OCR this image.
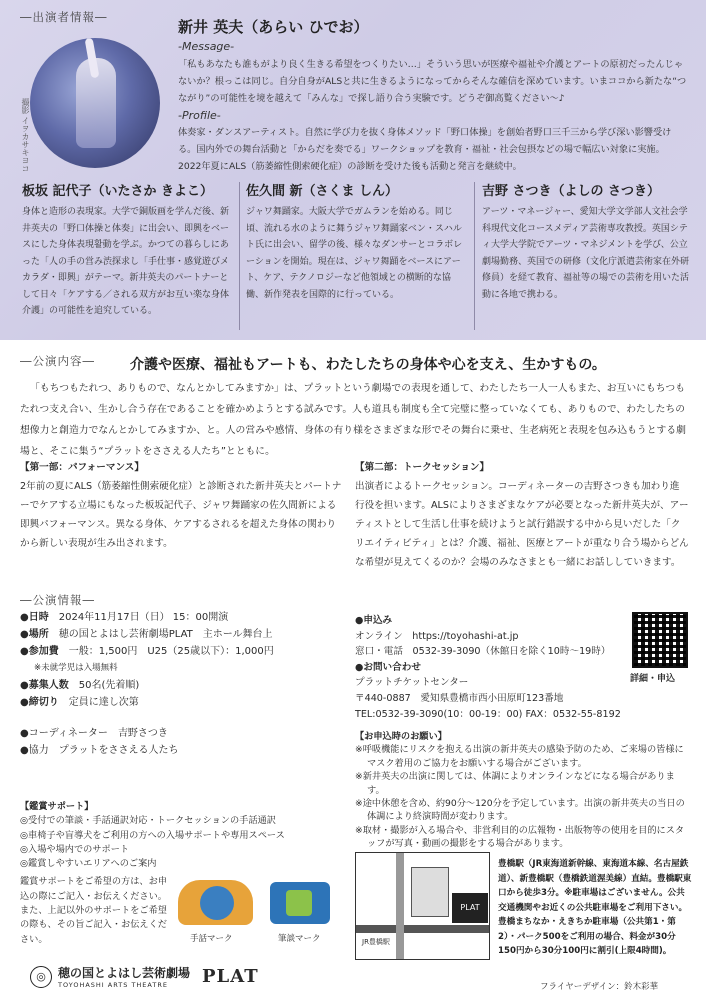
―出演者情報―
撮影 イヲカサキヨコ
新井 英夫（あらい ひでお）
-Message-
「私もあなたも誰もがより良く生きる希望をつくりたい…」そういう思いが医療や福祉や介護とアートの原初だったんじゃないか？根っこは同じ。自分自身がALSと共に生きるようになってからそんな確信を深めています。いまココから新たな“つながり”の可能性を境を越えて「みんな」で探し語り合う実験です。どうぞ御高覧ください～♪
-Profile-
体奏家・ダンスアーティスト。自然に学び力を抜く身体メソッド「野口体操」を創始者野口三千三から学び深い影響受ける。国内外での舞台活動と「からだを奏でる」ワークショップを教育・福祉・社会包摂などの場で幅広い対象に実施。2022年夏にALS（筋萎縮性側索硬化症）の診断を受けた後も活動と発言を継続中。
板坂 記代子（いたさか きよこ）
身体と造形の表現家。大学で銅版画を学んだ後、新井英夫の「野口体操と体奏」に出会い、即興をベースにした身体表現활動を学ぶ。かつての暮らしにあった「人の手の営み渋探求し「手仕事・感覚遊びメカラダ・即興」がテーマ。新井英夫のパートナーとして日々「ケアする／される双方がお互い楽な身体介護」の可能性を追究している。
佐久間 新（さくま しん）
ジャワ舞踊家。大阪大学でガムランを始める。同じ頃、流れる水のように舞うジャワ舞踊家ベン・スハルト氏に出会い、留学の後、様々なダンサーとコラボレーションを開始。現在は、ジャワ舞踊をベースにアート、ケア、テクノロジーなど他領域との横断的な協働、新作発表を国際的に行っている。
吉野 さつき（よしの さつき）
アーツ・マネージャー、愛知大学文学部人文社会学科現代文化コースメディア芸術専攻教授。英国シティ大学大学院でアーツ・マネジメントを学び、公立劇場勤務、英国での研修（文化庁派遣芸術家在外研修員）を経て教育、福祉等の場での芸術を用いた活動に各地で携わる。
―公演内容―	介護や医療、福祉もアートも、わたしたちの身体や心を支え、生かすもの。
「もちつもたれつ、ありもので、なんとかしてみますか」は、プラットという劇場での表現を通して、わたしたち一人一人もまた、お互いにもちつもたれつ支え合い、生かし合う存在であることを確かめようとする試みです。人も道具も制度も全て完璧に整っていなくても、ありもので、わたしたちの想像力と創造力でなんとかしてみますか、と。人の営みや感情、身体の有り様をさまざまな形でその舞台に乗せ、生老病死と表現を包み込もうとする劇場と、そこに集う“プラットをささえる人たち”とともに。
【第一部：パフォーマンス】
2年前の夏にALS（筋萎縮性側索硬化症）と診断された新井英夫とパートナーでケアする立場にもなった板坂記代子、ジャワ舞踊家の佐久間新による即興パフォーマンス。異なる身体、ケアするされるを超えた身体の関わりから新しい表現が生み出されます。
【第二部：トークセッション】
出演者によるトークセッション。コーディネーターの吉野さつきも加わり進行役を担います。ALSによりさまざまなケアが必要となった新井英夫が、アーティストとして生活し仕事を続けようと試行錯誤する中から見いだした「クリエイティビティ」とは？介護、福祉、医療とアートが重なり合う場からどんな希望が見えてくるのか？会場のみなさまとも一緒にお話ししていきます。
―公演情報―
●日時　 2024年11月17日（日） 15：00開演
●場所　 穂の国とよはし芸術劇場PLAT　主ホール舞台上
●参加費　 一般：1,500円　U25（25歳以下）：1,000円
※未就学児は入場無料
●募集人数　 50名(先着順)
●締切り　 定員に達し次第
●コーディネーター　 吉野さつき
●協力　 プラットをささえる人たち
●申込み
オンライン　https://toyohashi-at.jp
窓口・電話　0532-39-3090（休館日を除く10時～19時）
●お問い合わせ
プラットチケットセンター
〒440-0887　愛知県豊橋市西小田原町123番地
TEL:0532-39-3090(10：00-19：00) FAX：0532-55-8192
詳細・申込
【お申込時のお願い】

※呼吸機能にリスクを抱える出演の新井英夫の感染予防のため、ご来場の皆様にマスク着用のご協力をお願いする場合がございます。

※新井英夫の出演に関しては、体調によりオンラインなどになる場合があります。

※途中休憩を含め、約90分～120分を予定しています。出演の新井英夫の当日の体調により終演時間が変わります。

※取材・撮影が入る場合や、非営利目的の広報物・出版物等の使用を目的にスタッフが写真・動画の撮影をする場合があります。

【鑑賞サポート】
◎受付での筆談・手話通訳対応・トークセッションの手話通訳
◎車椅子や盲導犬をご利用の方への入場サポートや専用スペース
◎入場や場内でのサポート
◎鑑賞しやすいエリアへのご案内
鑑賞サポートをご希望の方は、お申込の際にご記入・お伝えください。また、上記以外のサポートをご希望の際も、その旨ご記入・お伝えください。	手話マーク	筆談マーク
PLAT
JR豊橋駅
豊橋駅（JR東海道新幹線、東海道本線、名古屋鉄道）、新豊橋駅（豊橋鉄道渥美線）直結。豊橋駅東口から徒歩3分。※駐車場はございません。公共交通機関やお近くの公共駐車場をご利用下さい。豊橋まちなか・えきちか駐車場（公共第1・第2）・パーク500をご利用の場合、料金が30分150円から30分100円に割引(上限4時間)。
◎	穂の国とよはし芸術劇場
TOYOHASHI ARTS THEATRE	PLAT	フライヤーデザイン：鈴木彩華
